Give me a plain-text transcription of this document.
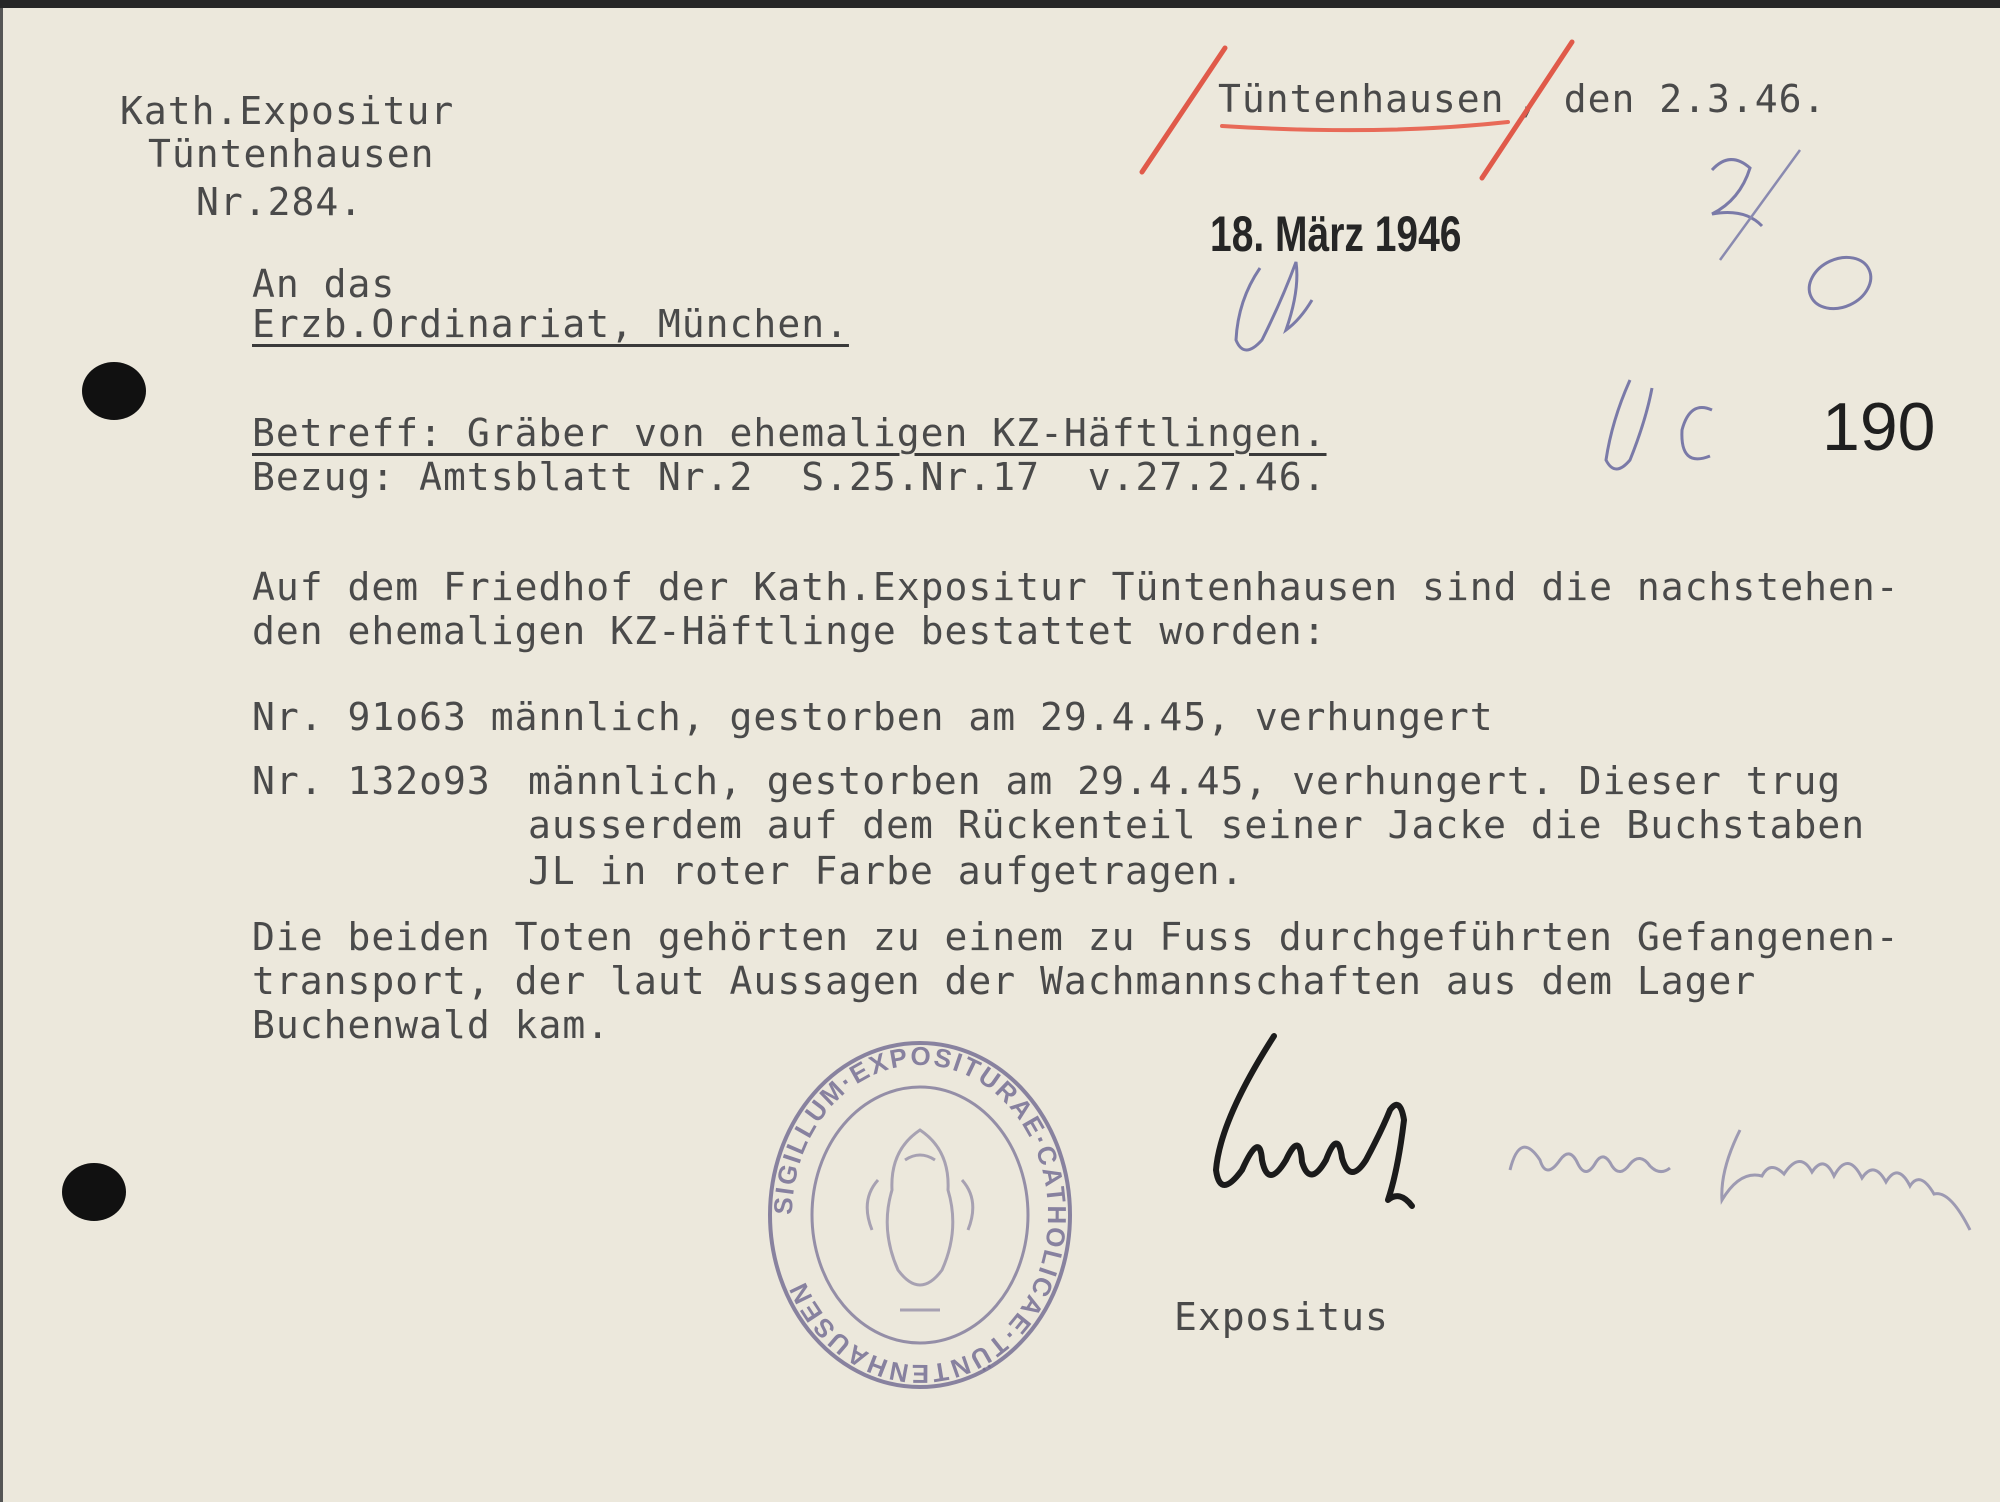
Kath.Expositur
Tüntenhausen
Nr.284.
Tüntenhausen , den 2.3.46.
18. März 1946
190
An das
Erzb.Ordinariat, München.
Betreff: Gräber von ehemaligen KZ-Häftlingen.
Bezug: Amtsblatt Nr.2  S.25.Nr.17  v.27.2.46.
Auf dem Friedhof der Kath.Expositur Tüntenhausen sind die nachstehen-
den ehemaligen KZ-Häftlinge bestattet worden:
Nr. 91o63 männlich, gestorben am 29.4.45, verhungert
Nr. 132o93 männlich, gestorben am 29.4.45, verhungert. Dieser trug
ausserdem auf dem Rückenteil seiner Jacke die Buchstaben
JL in roter Farbe aufgetragen.
Die beiden Toten gehörten zu einem zu Fuss durchgeführten Gefangenen-
transport, der laut Aussagen der Wachmannschaften aus dem Lager
Buchenwald kam.
SIGILLUM·EXPOSITURAE·CATHOLICAE·TÜNTENHAUSEN
Expositus
